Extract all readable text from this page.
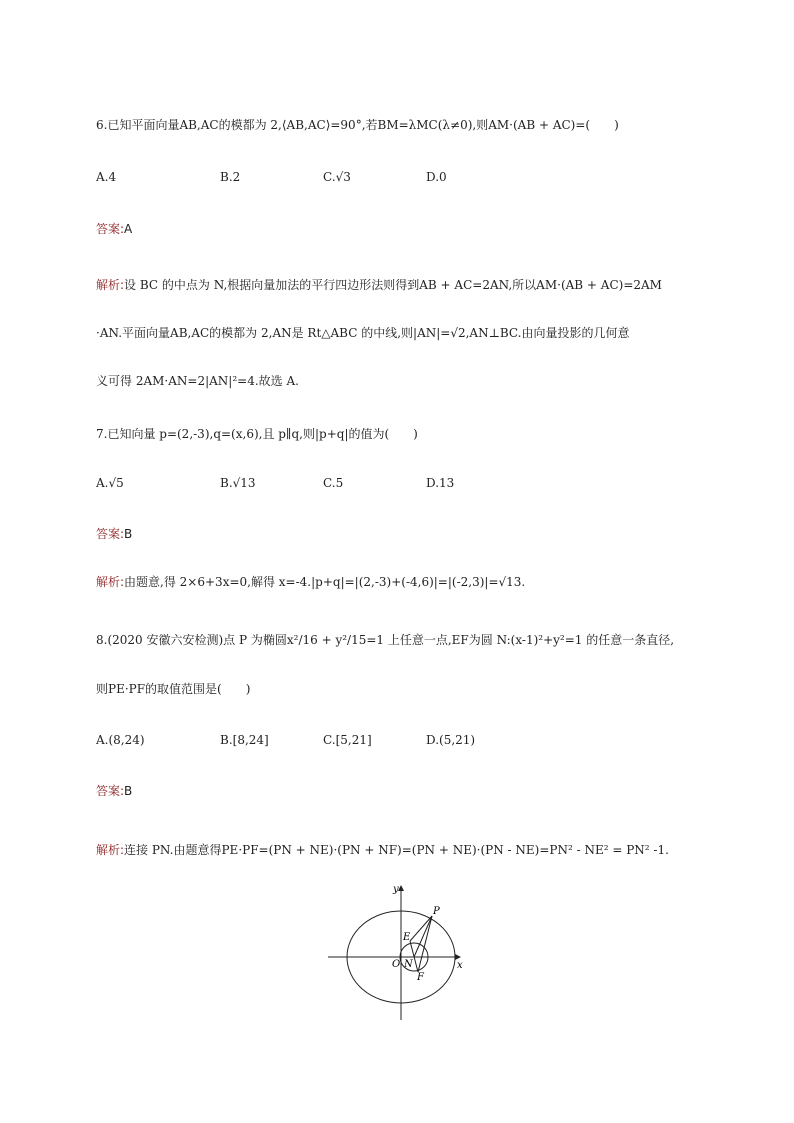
6.已知平面向量AB,AC的模都为 2,⟨AB,AC⟩=90°,若BM=λMC(λ≠0),则AM·(AB + AC)=(　　)
A.4	B.2	C.√3	D.0
答案:A
解析:设 BC 的中点为 N,根据向量加法的平行四边形法则得到AB + AC=2AN,所以AM·(AB + AC)=2AM
·AN.平面向量AB,AC的模都为 2,AN是 Rt△ABC 的中线,则|AN|=√2,AN⊥BC.由向量投影的几何意
义可得 2AM·AN=2|AN|²=4.故选 A.
7.已知向量 p=(2,-3),q=(x,6),且 p∥q,则|p+q|的值为(　　)
A.√5	B.√13	C.5	D.13
答案:B
解析:由题意,得 2×6+3x=0,解得 x=-4.|p+q|=|(2,-3)+(-4,6)|=|(-2,3)|=√13.
8.(2020 安徽六安检测)点 P 为椭圆x²/16 + y²/15=1 上任意一点,EF为圆 N:(x-1)²+y²=1 的任意一条直径,
则PE·PF的取值范围是(　　)
A.(8,24)	B.[8,24]	C.[5,21]	D.(5,21)
答案:B
解析:连接 PN.由题意得PE·PF=(PN + NE)·(PN + NF)=(PN + NE)·(PN - NE)=PN² - NE² = PN² -1.
y
x
P
E
O N
F
